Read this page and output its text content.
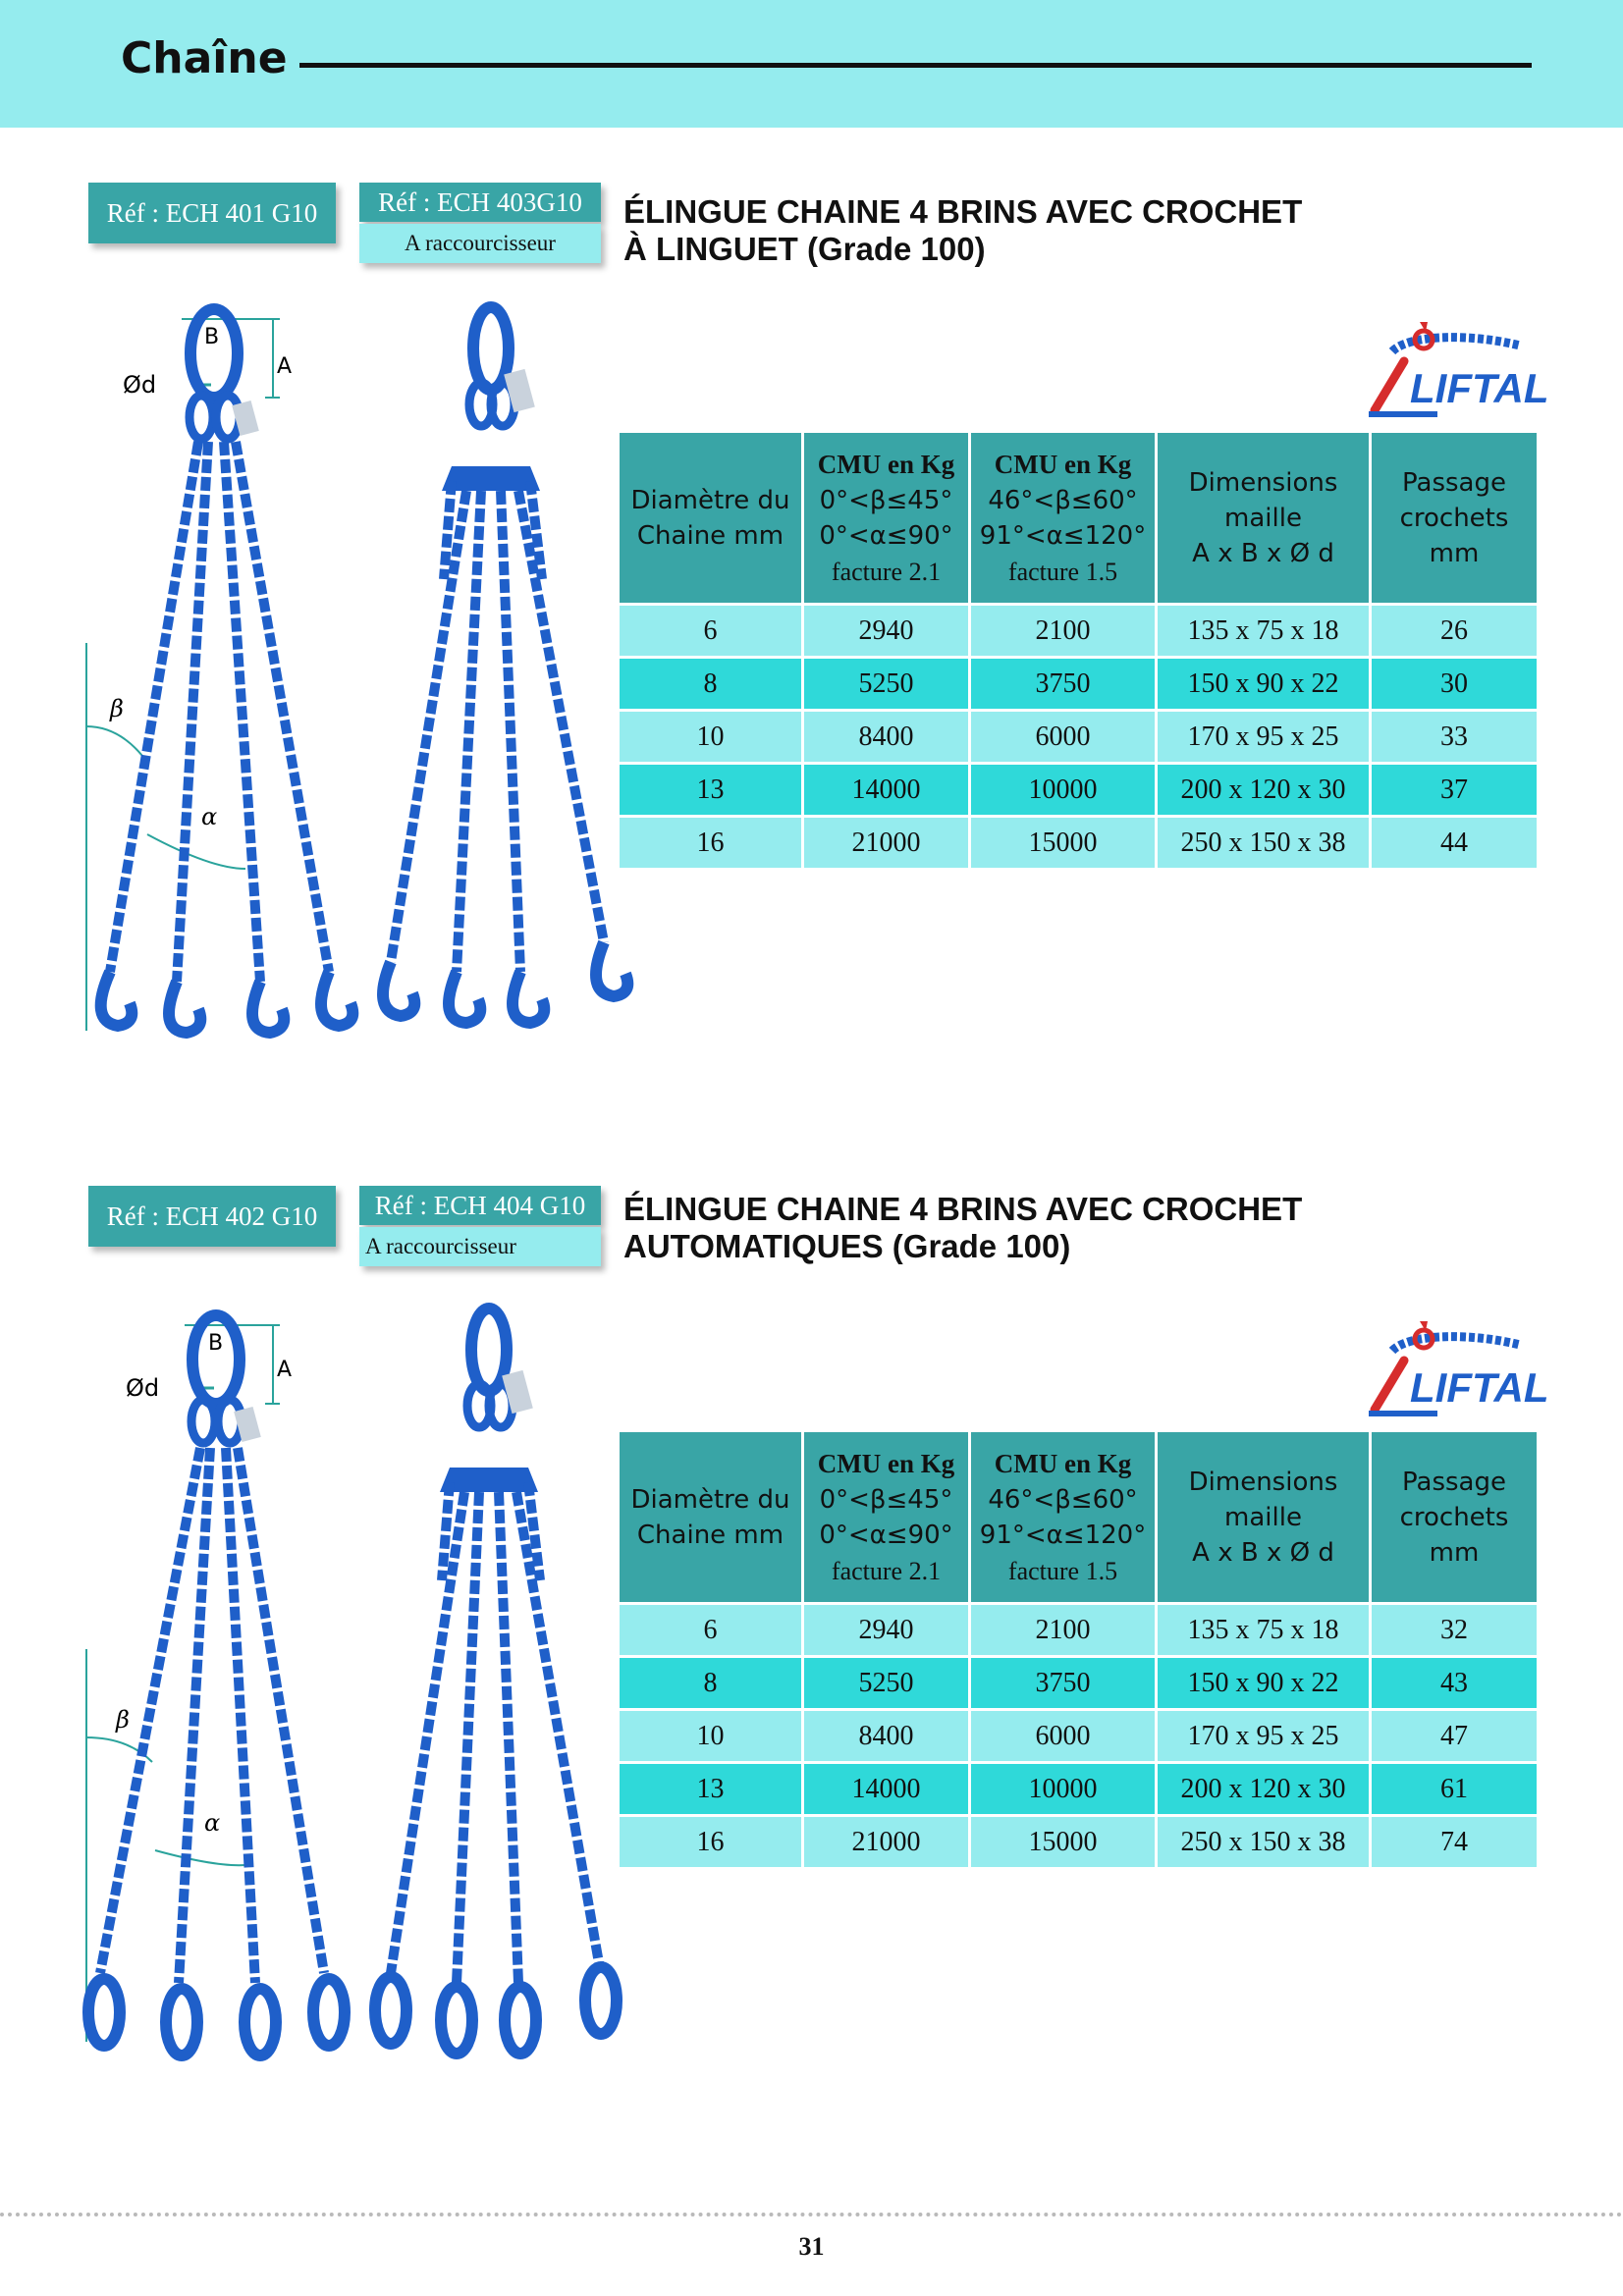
Chaîne
Réf : ECH 401 G10	Réf : ECH 403G10
A raccourcisseur
ÉLINGUE CHAINE 4 BRINS AVEC CROCHET
À LINGUET (Grade 100)
LIFTAL
Diamètre du
Chaine mm	CMU en Kg
0°<β≤45°
0°<α≤90°
facture 2.1	CMU en Kg
46°<β≤60°
91°<α≤120°
facture 1.5	Dimensions
maille
A x B x Ø d	Passage
crochets
mm

6	2940	2100	135 x 75 x 18	26
8	5250	3750	150 x 90 x 22	30
10	8400	6000	170 x 95 x 25	33
13	14000	10000	200 x 120 x 30	37
16	21000	15000	250 x 150 x 38	44
B
A
Ød
β
α
Réf : ECH 402 G10	Réf : ECH 404 G10
A raccourcisseur
ÉLINGUE CHAINE 4 BRINS AVEC CROCHET
AUTOMATIQUES (Grade 100)
LIFTAL
Diamètre du
Chaine mm	CMU en Kg
0°<β≤45°
0°<α≤90°
facture 2.1	CMU en Kg
46°<β≤60°
91°<α≤120°
facture 1.5	Dimensions
maille
A x B x Ø d	Passage
crochets
mm

6	2940	2100	135 x 75 x 18	32
8	5250	3750	150 x 90 x 22	43
10	8400	6000	170 x 95 x 25	47
13	14000	10000	200 x 120 x 30	61
16	21000	15000	250 x 150 x 38	74
B
A
Ød
β
α
31
